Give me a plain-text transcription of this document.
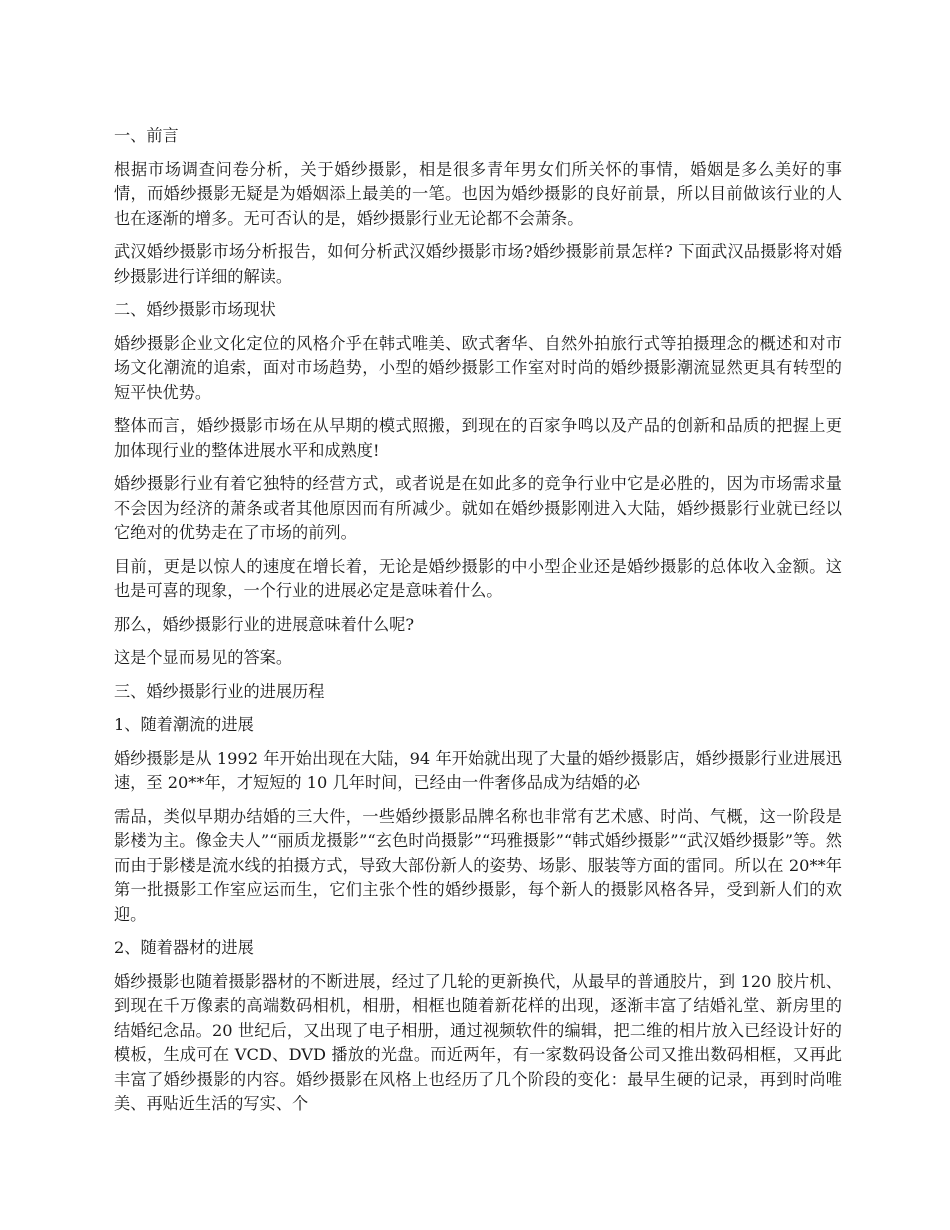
一、前言

根据市场调查问卷分析，关于婚纱摄影，相是很多青年男女们所关怀的事情，婚姻是多么美好的事情，而婚纱摄影无疑是为婚姻添上最美的一笔。也因为婚纱摄影的良好前景，所以目前做该行业的人也在逐渐的增多。无可否认的是，婚纱摄影行业无论都不会萧条。

武汉婚纱摄影市场分析报告，如何分析武汉婚纱摄影市场?婚纱摄影前景怎样? 下面武汉品摄影将对婚纱摄影进行详细的解读。

二、婚纱摄影市场现状

婚纱摄影企业文化定位的风格介乎在韩式唯美、欧式奢华、自然外拍旅行式等拍摄理念的概述和对市场文化潮流的追索，面对市场趋势，小型的婚纱摄影工作室对时尚的婚纱摄影潮流显然更具有转型的短平快优势。

整体而言，婚纱摄影市场在从早期的模式照搬，到现在的百家争鸣以及产品的创新和品质的把握上更加体现行业的整体进展水平和成熟度!

婚纱摄影行业有着它独特的经营方式，或者说是在如此多的竞争行业中它是必胜的，因为市场需求量不会因为经济的萧条或者其他原因而有所减少。就如在婚纱摄影刚进入大陆，婚纱摄影行业就已经以它绝对的优势走在了市场的前列。

目前，更是以惊人的速度在增长着，无论是婚纱摄影的中小型企业还是婚纱摄影的总体收入金额。这也是可喜的现象，一个行业的进展必定是意味着什么。

那么，婚纱摄影行业的进展意味着什么呢?

这是个显而易见的答案。

三、婚纱摄影行业的进展历程

1、随着潮流的进展

婚纱摄影是从 1992 年开始出现在大陆，94 年开始就出现了大量的婚纱摄影店，婚纱摄影行业进展迅速，至 20**年，才短短的 10 几年时间，已经由一件奢侈品成为结婚的必

需品，类似早期办结婚的三大件，一些婚纱摄影品牌名称也非常有艺术感、时尚、气概，这一阶段是影楼为主。像金夫人”“丽质龙摄影”“玄色时尚摄影”“玛雅摄影”“韩式婚纱摄影”“武汉婚纱摄影”等。然而由于影楼是流水线的拍摄方式，导致大部份新人的姿势、场影、服装等方面的雷同。所以在 20**年第一批摄影工作室应运而生，它们主张个性的婚纱摄影，每个新人的摄影风格各异，受到新人们的欢迎。

2、随着器材的进展

婚纱摄影也随着摄影器材的不断进展，经过了几轮的更新换代，从最早的普通胶片，到 120 胶片机、到现在千万像素的高端数码相机，相册，相框也随着新花样的出现，逐渐丰富了结婚礼堂、新房里的结婚纪念品。20 世纪后，又出现了电子相册，通过视频软件的编辑，把二维的相片放入已经设计好的模板，生成可在 VCD、DVD 播放的光盘。而近两年，有一家数码设备公司又推出数码相框，又再此丰富了婚纱摄影的内容。婚纱摄影在风格上也经历了几个阶段的变化：最早生硬的记录，再到时尚唯美、再贴近生活的写实、个
